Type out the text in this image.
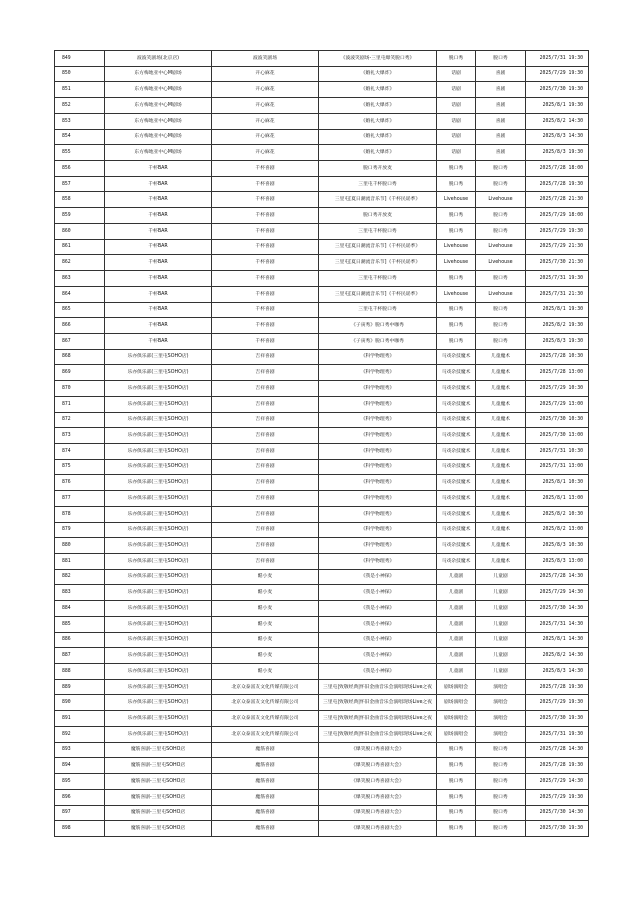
849	波波笑剧场(北京店)	波波笑剧场	《波波笑剧场-三里屯爆笑脱口秀》	脱口秀	脱口秀	2025/7/31 19:30
850	东方梅地亚中心M剧场	开心麻花	《婚礼大爆炸》	话剧	喜剧	2025/7/29 19:30
851	东方梅地亚中心M剧场	开心麻花	《婚礼大爆炸》	话剧	喜剧	2025/7/30 19:30
852	东方梅地亚中心M剧场	开心麻花	《婚礼大爆炸》	话剧	喜剧	2025/8/1 19:30
853	东方梅地亚中心M剧场	开心麻花	《婚礼大爆炸》	话剧	喜剧	2025/8/2 14:30
854	东方梅地亚中心M剧场	开心麻花	《婚礼大爆炸》	话剧	喜剧	2025/8/3 14:30
855	东方梅地亚中心M剧场	开心麻花	《婚礼大爆炸》	话剧	喜剧	2025/8/3 19:30
856	千杯BAR	千杯喜剧	脱口秀开放麦	脱口秀	脱口秀	2025/7/28 18:00
857	千杯BAR	千杯喜剧	三里屯千杯脱口秀	脱口秀	脱口秀	2025/7/28 19:30
858	千杯BAR	千杯喜剧	三里屯[夏日潮流音乐节]《千杯民谣季》	Livehouse	Livehouse	2025/7/28 21:30
859	千杯BAR	千杯喜剧	脱口秀开放麦	脱口秀	脱口秀	2025/7/29 18:00
860	千杯BAR	千杯喜剧	三里屯千杯脱口秀	脱口秀	脱口秀	2025/7/29 19:30
861	千杯BAR	千杯喜剧	三里屯[夏日潮流音乐节]《千杯民谣季》	Livehouse	Livehouse	2025/7/29 21:30
862	千杯BAR	千杯喜剧	三里屯[夏日潮流音乐节]《千杯民谣季》	Livehouse	Livehouse	2025/7/30 21:30
863	千杯BAR	千杯喜剧	三里屯千杯脱口秀	脱口秀	脱口秀	2025/7/31 19:30
864	千杯BAR	千杯喜剧	三里屯[夏日潮流音乐节]《千杯民谣季》	Livehouse	Livehouse	2025/7/31 21:30
865	千杯BAR	千杯喜剧	三里屯千杯脱口秀	脱口秀	脱口秀	2025/8/1 19:30
866	千杯BAR	千杯喜剧	《子寅秀》脱口秀中咖秀	脱口秀	脱口秀	2025/8/2 19:30
867	千杯BAR	千杯喜剧	《子寅秀》脱口秀中咖秀	脱口秀	脱口秀	2025/8/3 19:30
868	乐亦俱乐部(三里屯SOHO店)	吉祥喜剧	《科学物理秀》	马戏杂技魔术	儿童魔术	2025/7/28 10:30
869	乐亦俱乐部(三里屯SOHO店)	吉祥喜剧	《科学物理秀》	马戏杂技魔术	儿童魔术	2025/7/28 13:00
870	乐亦俱乐部(三里屯SOHO店)	吉祥喜剧	《科学物理秀》	马戏杂技魔术	儿童魔术	2025/7/29 10:30
871	乐亦俱乐部(三里屯SOHO店)	吉祥喜剧	《科学物理秀》	马戏杂技魔术	儿童魔术	2025/7/29 13:00
872	乐亦俱乐部(三里屯SOHO店)	吉祥喜剧	《科学物理秀》	马戏杂技魔术	儿童魔术	2025/7/30 10:30
873	乐亦俱乐部(三里屯SOHO店)	吉祥喜剧	《科学物理秀》	马戏杂技魔术	儿童魔术	2025/7/30 13:00
874	乐亦俱乐部(三里屯SOHO店)	吉祥喜剧	《科学物理秀》	马戏杂技魔术	儿童魔术	2025/7/31 10:30
875	乐亦俱乐部(三里屯SOHO店)	吉祥喜剧	《科学物理秀》	马戏杂技魔术	儿童魔术	2025/7/31 13:00
876	乐亦俱乐部(三里屯SOHO店)	吉祥喜剧	《科学物理秀》	马戏杂技魔术	儿童魔术	2025/8/1 10:30
877	乐亦俱乐部(三里屯SOHO店)	吉祥喜剧	《科学物理秀》	马戏杂技魔术	儿童魔术	2025/8/1 13:00
878	乐亦俱乐部(三里屯SOHO店)	吉祥喜剧	《科学物理秀》	马戏杂技魔术	儿童魔术	2025/8/2 10:30
879	乐亦俱乐部(三里屯SOHO店)	吉祥喜剧	《科学物理秀》	马戏杂技魔术	儿童魔术	2025/8/2 13:00
880	乐亦俱乐部(三里屯SOHO店)	吉祥喜剧	《科学物理秀》	马戏杂技魔术	儿童魔术	2025/8/3 10:30
881	乐亦俱乐部(三里屯SOHO店)	吉祥喜剧	《科学物理秀》	马戏杂技魔术	儿童魔术	2025/8/3 13:00
882	乐亦俱乐部(三里屯SOHO店)	酷小麦	《我是小神探》	儿童剧	儿童剧	2025/7/28 14:30
883	乐亦俱乐部(三里屯SOHO店)	酷小麦	《我是小神探》	儿童剧	儿童剧	2025/7/29 14:30
884	乐亦俱乐部(三里屯SOHO店)	酷小麦	《我是小神探》	儿童剧	儿童剧	2025/7/30 14:30
885	乐亦俱乐部(三里屯SOHO店)	酷小麦	《我是小神探》	儿童剧	儿童剧	2025/7/31 14:30
886	乐亦俱乐部(三里屯SOHO店)	酷小麦	《我是小神探》	儿童剧	儿童剧	2025/8/1 14:30
887	乐亦俱乐部(三里屯SOHO店)	酷小麦	《我是小神探》	儿童剧	儿童剧	2025/8/2 14:30
888	乐亦俱乐部(三里屯SOHO店)	酷小麦	《我是小神探》	儿童剧	儿童剧	2025/8/3 14:30
889	乐亦俱乐部(三里屯SOHO店)	北京众泰富友文化传媒有限公司	三里屯|致敬经典|怀旧金曲音乐会演唱现场Live之夜	剧场演唱会	演唱会	2025/7/28 19:30
890	乐亦俱乐部(三里屯SOHO店)	北京众泰富友文化传媒有限公司	三里屯|致敬经典|怀旧金曲音乐会演唱现场Live之夜	剧场演唱会	演唱会	2025/7/29 19:30
891	乐亦俱乐部(三里屯SOHO店)	北京众泰富友文化传媒有限公司	三里屯|致敬经典|怀旧金曲音乐会演唱现场Live之夜	剧场演唱会	演唱会	2025/7/30 19:30
892	乐亦俱乐部(三里屯SOHO店)	北京众泰富友文化传媒有限公司	三里屯|致敬经典|怀旧金曲音乐会演唱现场Live之夜	剧场演唱会	演唱会	2025/7/31 19:30
893	魔筋喜剧-三里屯SOHO店	魔筋喜剧	《爆笑脱口秀喜剧大会》	脱口秀	脱口秀	2025/7/28 14:30
894	魔筋喜剧-三里屯SOHO店	魔筋喜剧	《爆笑脱口秀喜剧大会》	脱口秀	脱口秀	2025/7/28 19:30
895	魔筋喜剧-三里屯SOHO店	魔筋喜剧	《爆笑脱口秀喜剧大会》	脱口秀	脱口秀	2025/7/29 14:30
896	魔筋喜剧-三里屯SOHO店	魔筋喜剧	《爆笑脱口秀喜剧大会》	脱口秀	脱口秀	2025/7/29 19:30
897	魔筋喜剧-三里屯SOHO店	魔筋喜剧	《爆笑脱口秀喜剧大会》	脱口秀	脱口秀	2025/7/30 14:30
898	魔筋喜剧-三里屯SOHO店	魔筋喜剧	《爆笑脱口秀喜剧大会》	脱口秀	脱口秀	2025/7/30 19:30
